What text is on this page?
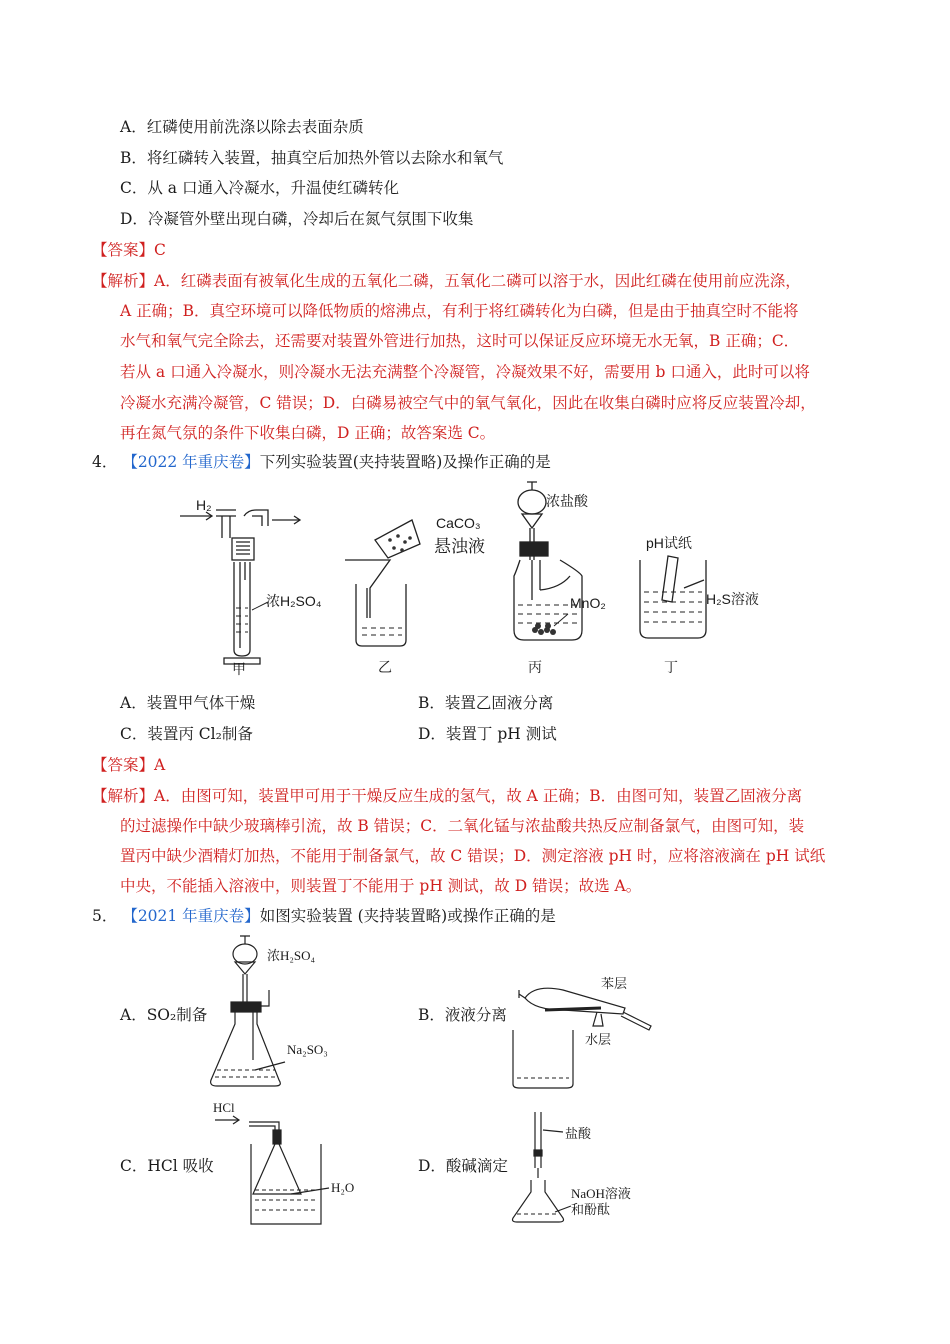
A．红磷使用前洗涤以除去表面杂质
B．将红磷转入装置，抽真空后加热外管以去除水和氧气
C．从 a 口通入冷凝水，升温使红磷转化
D．冷凝管外壁出现白磷，冷却后在氮气氛围下收集
【答案】C
【解析】A．红磷表面有被氧化生成的五氧化二磷，五氧化二磷可以溶于水，因此红磷在使用前应洗涤，
A 正确；B．真空环境可以降低物质的熔沸点，有利于将红磷转化为白磷，但是由于抽真空时不能将
水气和氧气完全除去，还需要对装置外管进行加热，这时可以保证反应环境无水无氧，B 正确；C．
若从 a 口通入冷凝水，则冷凝水无法充满整个冷凝管，冷凝效果不好，需要用 b 口通入，此时可以将
冷凝水充满冷凝管，C 错误；D．白磷易被空气中的氧气氧化，因此在收集白磷时应将反应装置冷却，
再在氮气氛的条件下收集白磷，D 正确；故答案选 C。
4． 【2022 年重庆卷】下列实验装置(夹持装置略)及操作正确的是
H₂
浓H₂SO₄
CaCO₃
悬浊液
浓盐酸
MnO₂
pH试纸
H₂S溶液
甲	乙	丙	丁
A．装置甲气体干燥	B．装置乙固液分离
C．装置丙 Cl₂制备	D．装置丁 pH 测试
【答案】A
【解析】A．由图可知，装置甲可用于干燥反应生成的氢气，故 A 正确；B．由图可知，装置乙固液分离
的过滤操作中缺少玻璃棒引流，故 B 错误；C．二氧化锰与浓盐酸共热反应制备氯气，由图可知，装
置丙中缺少酒精灯加热，不能用于制备氯气，故 C 错误；D．测定溶液 pH 时，应将溶液滴在 pH 试纸
中央，不能插入溶液中，则装置丁不能用于 pH 测试，故 D 错误；故选 A。
5． 【2021 年重庆卷】如图实验装置 (夹持装置略)或操作正确的是
A．SO₂制备	B．液液分离
C．HCl 吸收	D．酸碱滴定
浓H₂SO₄
Na₂SO₃
苯层
水层
HCl
H₂O
盐酸
NaOH溶液
和酚酞
